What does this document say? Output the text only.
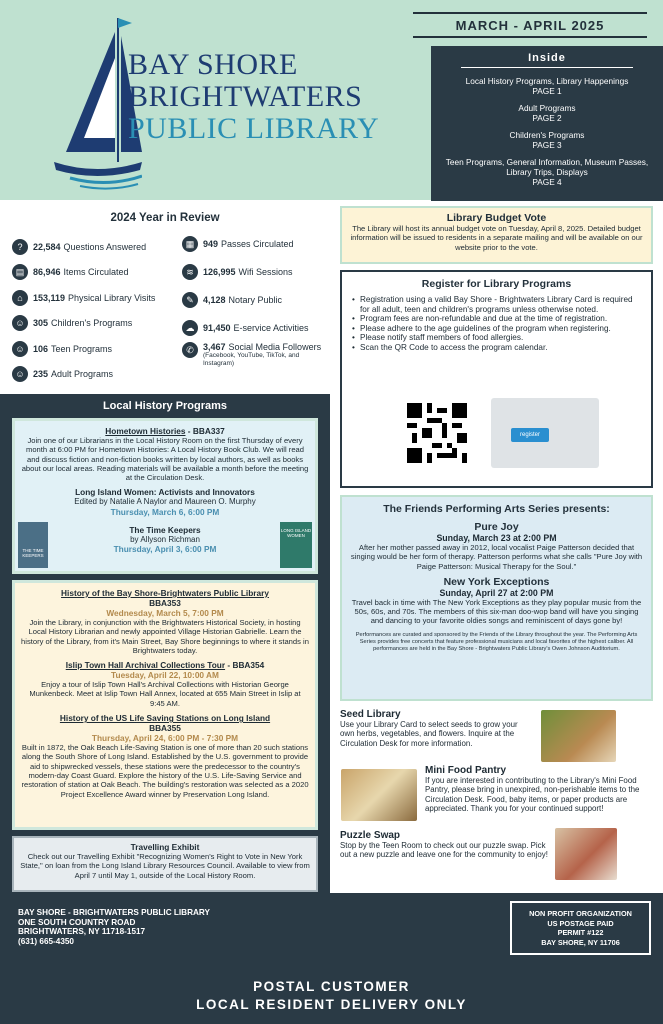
BAY SHORE
BRIGHTWATERS
PUBLIC LIBRARY
MARCH - APRIL 2025
Inside
Local History Programs, Library Happenings
PAGE 1
Adult Programs
PAGE 2
Children's Programs
PAGE 3
Teen Programs, General Information, Museum Passes, Library Trips, Displays
PAGE 4
2024 Year in Review
?	22,584 Questions Answered
▤ 86,946 Items Circulated
⌂	153,119 Physical Library Visits
☺ 305 Children's Programs
☺ 106 Teen Programs
☺ 235 Adult Programs
▦ 949 Passes Circulated
≋	126,995 Wifi Sessions
✎	4,128 Notary Public
☁ 91,450 E-service Activities
✆	3,467 Social Media Followers
(Facebook, YouTube, TikTok, and Instagram)
Local History Programs
Hometown Histories - BBA337
Join one of our Librarians in the Local History Room on the first Thursday of every month at 6:00 PM for Hometown Histories: A Local History Book Club. We will read and discuss fiction and non-fiction books written by local authors, as well as books about our local areas. Reading materials will be available a month before the meeting at the Circulation Desk.
Long Island Women: Activists and Innovators
Edited by Natalie A Naylor and Maureen O. Murphy
Thursday, March 6, 6:00 PM
The Time Keepers
by Allyson Richman
Thursday, April 3, 6:00 PM
THE TIME KEEPERS
LONG ISLAND WOMEN
History of the Bay Shore-Brightwaters Public Library
BBA353
Wednesday, March 5, 7:00 PM
Join the Library, in conjunction with the Brightwaters Historical Society, in hosting Local History Librarian and newly appointed Village Historian Gabrielle. Learn the history of the Library, from it's Main Street, Bay Shore beginnings to where it stands in Brightwaters today.
Islip Town Hall Archival Collections Tour - BBA354
Tuesday, April 22, 10:00 AM
Enjoy a tour of Islip Town Hall's Archival Collections with Historian George Munkenbeck. Meet at Islip Town Hall Annex, located at 655 Main Street in Islip at 9:45 AM.
History of the US Life Saving Stations on Long Island
BBA355
Thursday, April 24, 6:00 PM - 7:30 PM
Built in 1872, the Oak Beach Life-Saving Station is one of more than 20 such stations along the South Shore of Long Island. Established by the U.S. government to provide aid to shipwrecked vessels, these stations were the predecessor to the country's modern-day Coast Guard. Explore the history of the U.S. Life-Saving Service and restoration of station at Oak Beach. The building's restoration was selected as a 2020 Project Excellence Award winner by Preservation Long Island.
Travelling Exhibit
Check out our Travelling Exhibit "Recognizing Women's Right to Vote in New York State," on loan from the Long Island Library Resources Council. Available to view from April 7 until May 1, outside of the Local History Room.
Library Budget Vote
The Library will host its annual budget vote on Tuesday, April 8, 2025. Detailed budget information will be issued to residents in a separate mailing and will be available on our website prior to the vote.
Register for Library Programs
• Registration using a valid Bay Shore - Brightwaters Library Card is required for all adult, teen and children's programs unless otherwise noted.
• Program fees are non-refundable and due at the time of registration.
• Please adhere to the age guidelines of the program when registering.
• Please notify staff members of food allergies.
• Scan the QR Code to access the program calendar.
register
The Friends Performing Arts Series presents:
Pure Joy
Sunday, March 23 at 2:00 PM
After her mother passed away in 2012, local vocalist Paige Patterson decided that singing would be her form of therapy. Patterson performs what she calls "Pure Joy with Paige Patterson: Musical Therapy for the Soul."
New York Exceptions
Sunday, April 27 at 2:00 PM
Travel back in time with The New York Exceptions as they play popular music from the 50s, 60s, and 70s. The members of this six-man doo-wop band will have you singing and dancing to your favorite oldies songs and reminiscent of days gone by!
Performances are curated and sponsored by the Friends of the Library throughout the year. The Performing Arts Series provides free concerts that feature professional musicians and local favorites of the highest caliber. All performances are held in the Bay Shore - Brightwaters Public Library's Owen Johnson Auditorium.
Seed Library
Use your Library Card to select seeds to grow your own herbs, vegetables, and flowers. Inquire at the Circulation Desk for more information.
Mini Food Pantry
If you are interested in contributing to the Library's Mini Food Pantry, please bring in unexpired, non-perishable items to the Circulation Desk. Food, baby items, or paper products are appreciated. Thank you for your continued support!
Puzzle Swap
Stop by the Teen Room to check out our puzzle swap. Pick out a new puzzle and leave one for the community to enjoy!
BAY SHORE - BRIGHTWATERS PUBLIC LIBRARY
ONE SOUTH COUNTRY ROAD
BRIGHTWATERS, NY 11718-1517
(631) 665-4350
NON PROFIT ORGANIZATION
US POSTAGE PAID
PERMIT #122
BAY SHORE, NY 11706
POSTAL CUSTOMER
LOCAL RESIDENT DELIVERY ONLY
